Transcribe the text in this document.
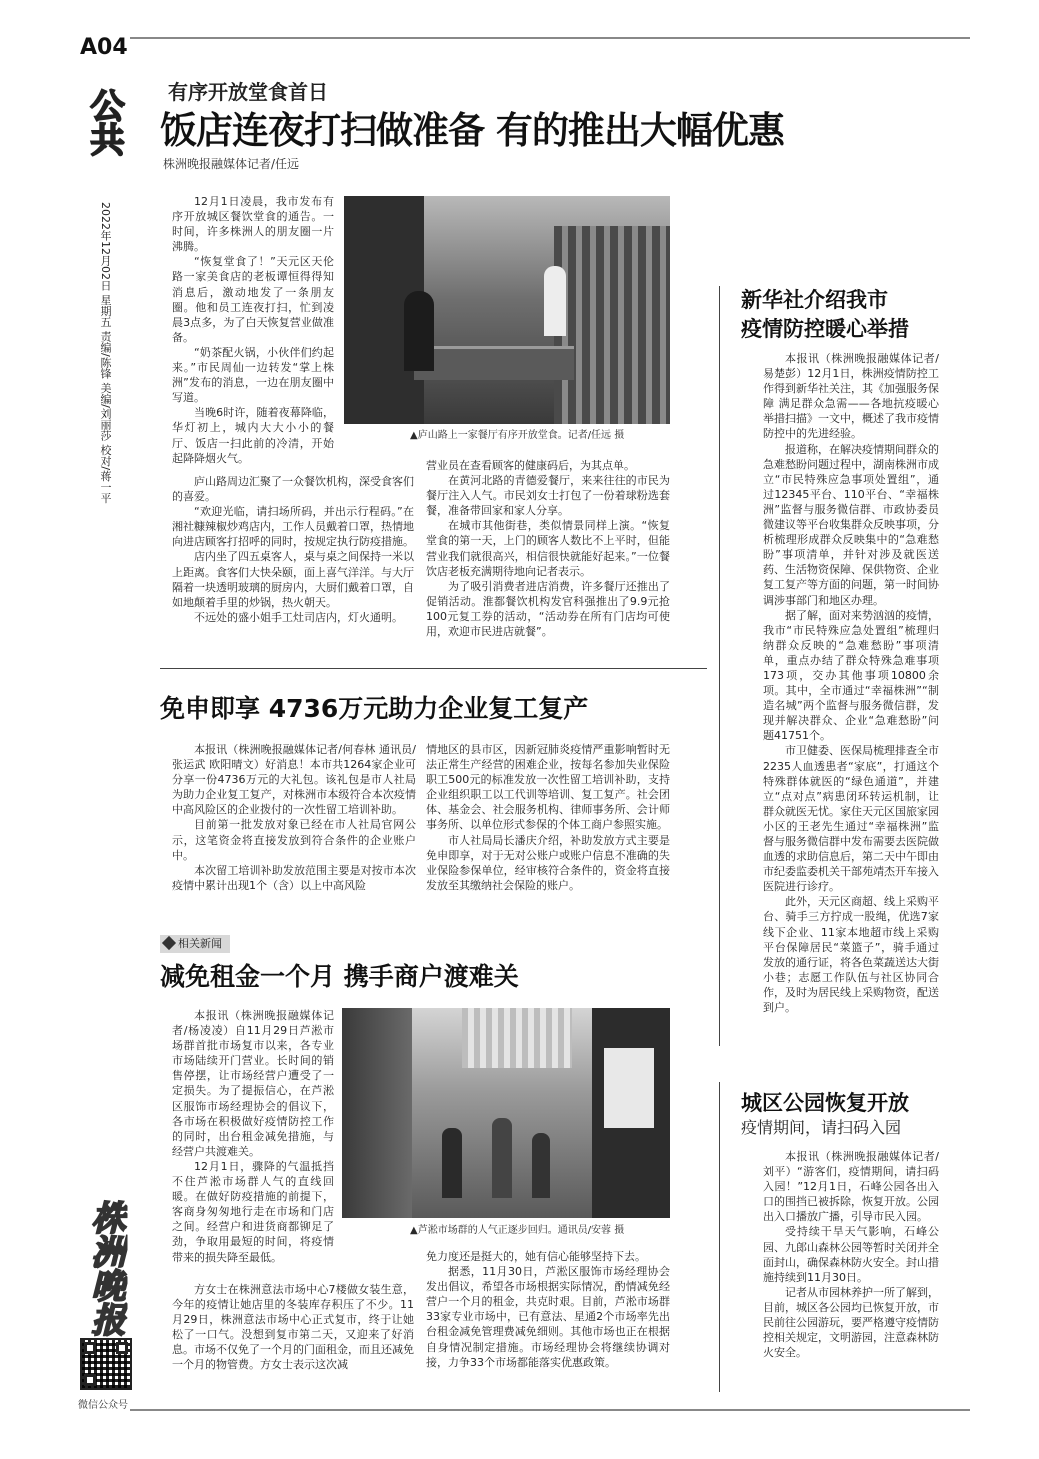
A04
公共
2022年12月02日 星期五 责编/陈锋 美编/刘丽莎 校对/蒋一平
株洲晚报
微信公众号
有序开放堂食首日
饭店连夜打扫做准备 有的推出大幅优惠
株洲晚报融媒体记者/任远

12月1日凌晨，我市发布有序开放城区餐饮堂食的通告。一时间，许多株洲人的朋友圈一片沸腾。

“恢复堂食了！”天元区天伦路一家美食店的老板谭恒得得知消息后，激动地发了一条朋友圈。他和员工连夜打扫，忙到凌晨3点多，为了白天恢复营业做准备。

“奶茶配火锅，小伙伴们约起来。”市民周仙一边转发“掌上株洲”发布的消息，一边在朋友圈中写道。

当晚6时许，随着夜幕降临，华灯初上，城内大大小小的餐厅、饭店一扫此前的冷清，开始起降降烟火气。

▲庐山路上一家餐厅有序开放堂食。记者/任远 摄

庐山路周边汇聚了一众餐饮机构，深受食客们的喜爱。

“欢迎光临，请扫场所码，并出示行程码。”在湘社糠辣椒炒鸡店内，工作人员戴着口罩，热情地向进店顾客打招呼的同时，按规定执行防疫措施。

店内坐了四五桌客人，桌与桌之间保持一米以上距离。食客们大快朵颐，面上喜气洋洋。与大厅隔着一块透明玻璃的厨房内，大厨们戴着口罩，自如地颠着手里的炒锅，热火朝天。

不远处的盛小姐手工灶司店内，灯火通明。

营业员在查看顾客的健康码后，为其点单。

在黄河北路的青德爱餐厅，来来往往的市民为餐厅注入人气。市民刘女士打包了一份着球粉选套餐，准备带回家和家人分享。

在城市其他街巷，类似情景同样上演。“恢复堂食的第一天，上门的顾客人数比不上平时，但能营业我们就很高兴，相信很快就能好起来。”一位餐饮店老板充满期待地向记者表示。

为了吸引消费者进店消费，许多餐厅还推出了促销活动。淮都餐饮机构发官科强推出了9.9元抢100元复工券的活动，“活动券在所有门店均可使用，欢迎市民进店就餐”。

免申即享 4736万元助力企业复工复产

本报讯（株洲晚报融媒体记者/何春林 通讯员/张运武 欧阳晴文）好消息！本市共1264家企业可分享一份4736万元的大礼包。该礼包是市人社局为助力企业复工复产，对株洲市本级符合本次疫情中高风险区的企业拨付的一次性留工培训补助。

目前第一批发放对象已经在市人社局官网公示，这笔资金将直接发放到符合条件的企业账户中。

本次留工培训补助发放范围主要是对按市本次疫情中累计出现1个（含）以上中高风险

情地区的县市区，因新冠肺炎疫情严重影响暂时无法正常生产经营的困难企业，按每名参加失业保险职工500元的标准发放一次性留工培训补助，支持企业组织职工以工代训等培训、复工复产。社会团体、基金会、社会服务机构、律师事务所、会计师事务所、以单位形式参保的个体工商户参照实施。

市人社局局长潘庆介绍，补助发放方式主要是免申即享，对于无对公账户或账户信息不准确的失业保险参保单位，经审核符合条件的，资金将直接发放至其缴纳社会保险的账户。

相关新闻
减免租金一个月 携手商户渡难关

本报讯（株洲晚报融媒体记者/杨凌凌）自11月29日芦淞市场群首批市场复市以来，各专业市场陆续开门营业。长时间的销售停摆，让市场经营户遭受了一定损失。为了提振信心，在芦淞区服饰市场经理协会的倡议下，各市场在积极做好疫情防控工作的同时，出台租金减免措施，与经营户共渡难关。

12月1日，骤降的气温抵挡不住芦淞市场群人气的直线回暖。在做好防疫措施的前提下，客商身匆匆地行走在市场和门店之间。经营户和进货商都铆足了劲，争取用最短的时间，将疫情带来的损失降至最低。

▲芦淞市场群的人气正逐步回归。通讯员/安蓉 摄

方女士在株洲意法市场中心7楼做女装生意，今年的疫情让她店里的冬装库存积压了不少。11月29日，株洲意法市场中心正式复市，终于让她松了一口气。没想到复市第二天，又迎来了好消息。市场不仅免了一个月的门面租金，而且还减免一个月的物管费。方女士表示这次减

免力度还是挺大的，她有信心能够坚持下去。

据悉，11月30日，芦淞区服饰市场经理协会发出倡议，希望各市场根据实际情况，酌情减免经营户一个月的租金，共克时艰。目前，芦淞市场群33家专业市场中，已有意法、星通2个市场率先出台租金减免管理费减免细则。其他市场也正在根据自身情况制定措施。市场经理协会将继续协调对接，力争33个市场都能落实优惠政策。

新华社介绍我市
疫情防控暖心举措

本报讯（株洲晚报融媒体记者/易楚彭）12月1日，株洲疫情防控工作得到新华社关注，其《加强服务保障 满足群众急需——各地抗疫暖心举措扫描》一文中，概述了我市疫情防控中的先进经验。

报道称，在解决疫情期间群众的急难愁盼问题过程中，湖南株洲市成立“市民特殊应急事项处置组”，通过12345平台、110平台、“幸福株洲”监督与服务微信群、市政协委员微建议等平台收集群众反映事项，分析梳理形成群众反映集中的“急难愁盼”事项清单，并针对涉及就医送药、生活物资保障、保供物资、企业复工复产等方面的问题，第一时间协调涉事部门和地区办理。

据了解，面对来势汹汹的疫情，我市“市民特殊应急处置组”梳理归纳群众反映的“急难愁盼”事项清单，重点办结了群众特殊急难事项173项，交办其他事项10800余项。其中，全市通过“幸福株洲”“制造名城”两个监督与服务微信群，发现并解决群众、企业“急难愁盼”问题41751个。

市卫健委、医保局梳理排查全市2235人血透患者“家底”，打通这个特殊群体就医的“绿色通道”，并建立“点对点”病患闭环转运机制，让群众就医无忧。家住天元区国旅家园小区的王老先生通过“幸福株洲”监督与服务微信群中发布需要去医院做血透的求助信息后，第二天中午即由市纪委监委机关干部苑靖杰开车接入医院进行诊疗。

此外，天元区商超、线上采购平台、骑手三方拧成一股绳，优选7家线下企业、11家本地超市线上采购平台保障居民“菜篮子”，骑手通过发放的通行证，将各色菜蔬送达大街小巷；志愿工作队伍与社区协同合作，及时为居民线上采购物资，配送到户。

城区公园恢复开放
疫情期间，请扫码入园

本报讯（株洲晚报融媒体记者/刘平）“游客们，疫情期间，请扫码入园！”12月1日，石峰公园各出入口的围挡已被拆除，恢复开放。公园出入口播放广播，引导市民入园。

受持续干旱天气影响，石峰公园、九郎山森林公园等暂时关闭并全面封山，确保森林防火安全。封山措施持续到11月30日。

记者从市园林养护一所了解到，目前，城区各公园均已恢复开放，市民前往公园游玩，要严格遵守疫情防控相关规定，文明游园，注意森林防火安全。
